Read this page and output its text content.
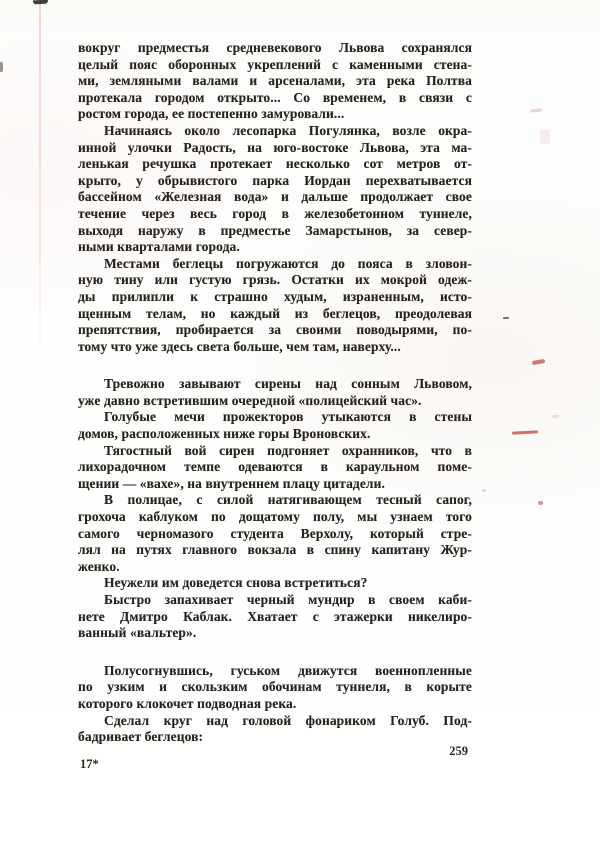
вокруг предместья средневекового Львова сохранялся
целый пояс оборонных укреплений с каменными стена-
ми, земляными валами и арсеналами, эта река Полтва
протекала городом открыто... Со временем, в связи с
ростом города, ее постепенно замуровали...
Начинаясь около лесопарка Погулянка, возле окра-
инной улочки Радость, на юго-востоке Львова, эта ма-
ленькая речушка протекает несколько сот метров от-
крыто, у обрывистого парка Иордан перехватывается
бассейном «Железная вода» и дальше продолжает свое
течение через весь город в железобетонном туннеле,
выходя наружу в предместье Замарстынов, за север-
ными кварталами города.
Местами беглецы погружаются до пояса в зловон-
ную тину или густую грязь. Остатки их мокрой одеж-
ды прилипли к страшно худым, израненным, исто-
щенным телам, но каждый из беглецов, преодолевая
препятствия, пробирается за своими поводырями, по-
тому что уже здесь света больше, чем там, наверху...
Тревожно завывают сирены над сонным Львовом,
уже давно встретившим очередной «полицейский час».
Голубые мечи прожекторов утыкаются в стены
домов, расположенных ниже горы Вроновских.
Тягостный вой сирен подгоняет охранников, что в
лихорадочном темпе одеваются в караульном поме-
щении — «вахе», на внутреннем плацу цитадели.
В полицае, с силой натягивающем тесный сапог,
грохоча каблуком по дощатому полу, мы узнаем того
самого черномазого студента Верхолу, который стре-
лял на путях главного вокзала в спину капитану Жур-
женко.
Неужели им доведется снова встретиться?
Быстро запахивает черный мундир в своем каби-
нете Дмитро Каблак. Хватает с этажерки никелиро-
ванный «вальтер».
Полусогнувшись, гуськом движутся военнопленные
по узким и скользким обочинам туннеля, в корыте
которого клокочет подводная река.
Сделал круг над головой фонариком Голуб. Под-
бадривает беглецов:
259
17*
